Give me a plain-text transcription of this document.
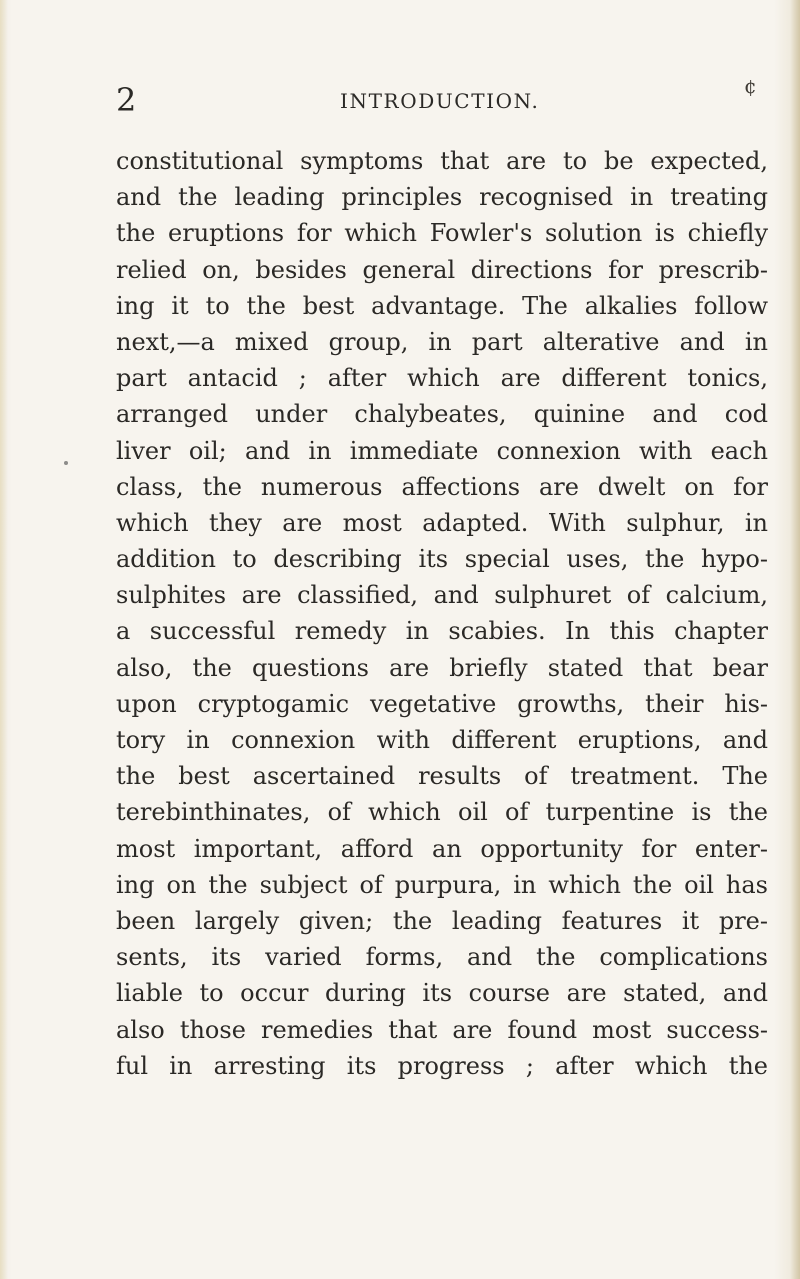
2	INTRODUCTION.
¢
constitutional symptoms that are to be expected,
and the leading principles recognised in treating
the eruptions for which Fowler's solution is chiefly
relied on, besides general directions for prescrib-
ing it to the best advantage. The alkalies follow
next,—a mixed group, in part alterative and in
part antacid ; after which are different tonics,
arranged under chalybeates, quinine and cod
liver oil; and in immediate connexion with each
class, the numerous affections are dwelt on for
which they are most adapted. With sulphur, in
addition to describing its special uses, the hypo-
sulphites are classified, and sulphuret of calcium,
a successful remedy in scabies. In this chapter
also, the questions are briefly stated that bear
upon cryptogamic vegetative growths, their his-
tory in connexion with different eruptions, and
the best ascertained results of treatment. The
terebinthinates, of which oil of turpentine is the
most important, afford an opportunity for enter-
ing on the subject of purpura, in which the oil has
been largely given; the leading features it pre-
sents, its varied forms, and the complications
liable to occur during its course are stated, and
also those remedies that are found most success-
ful in arresting its progress ; after which the
